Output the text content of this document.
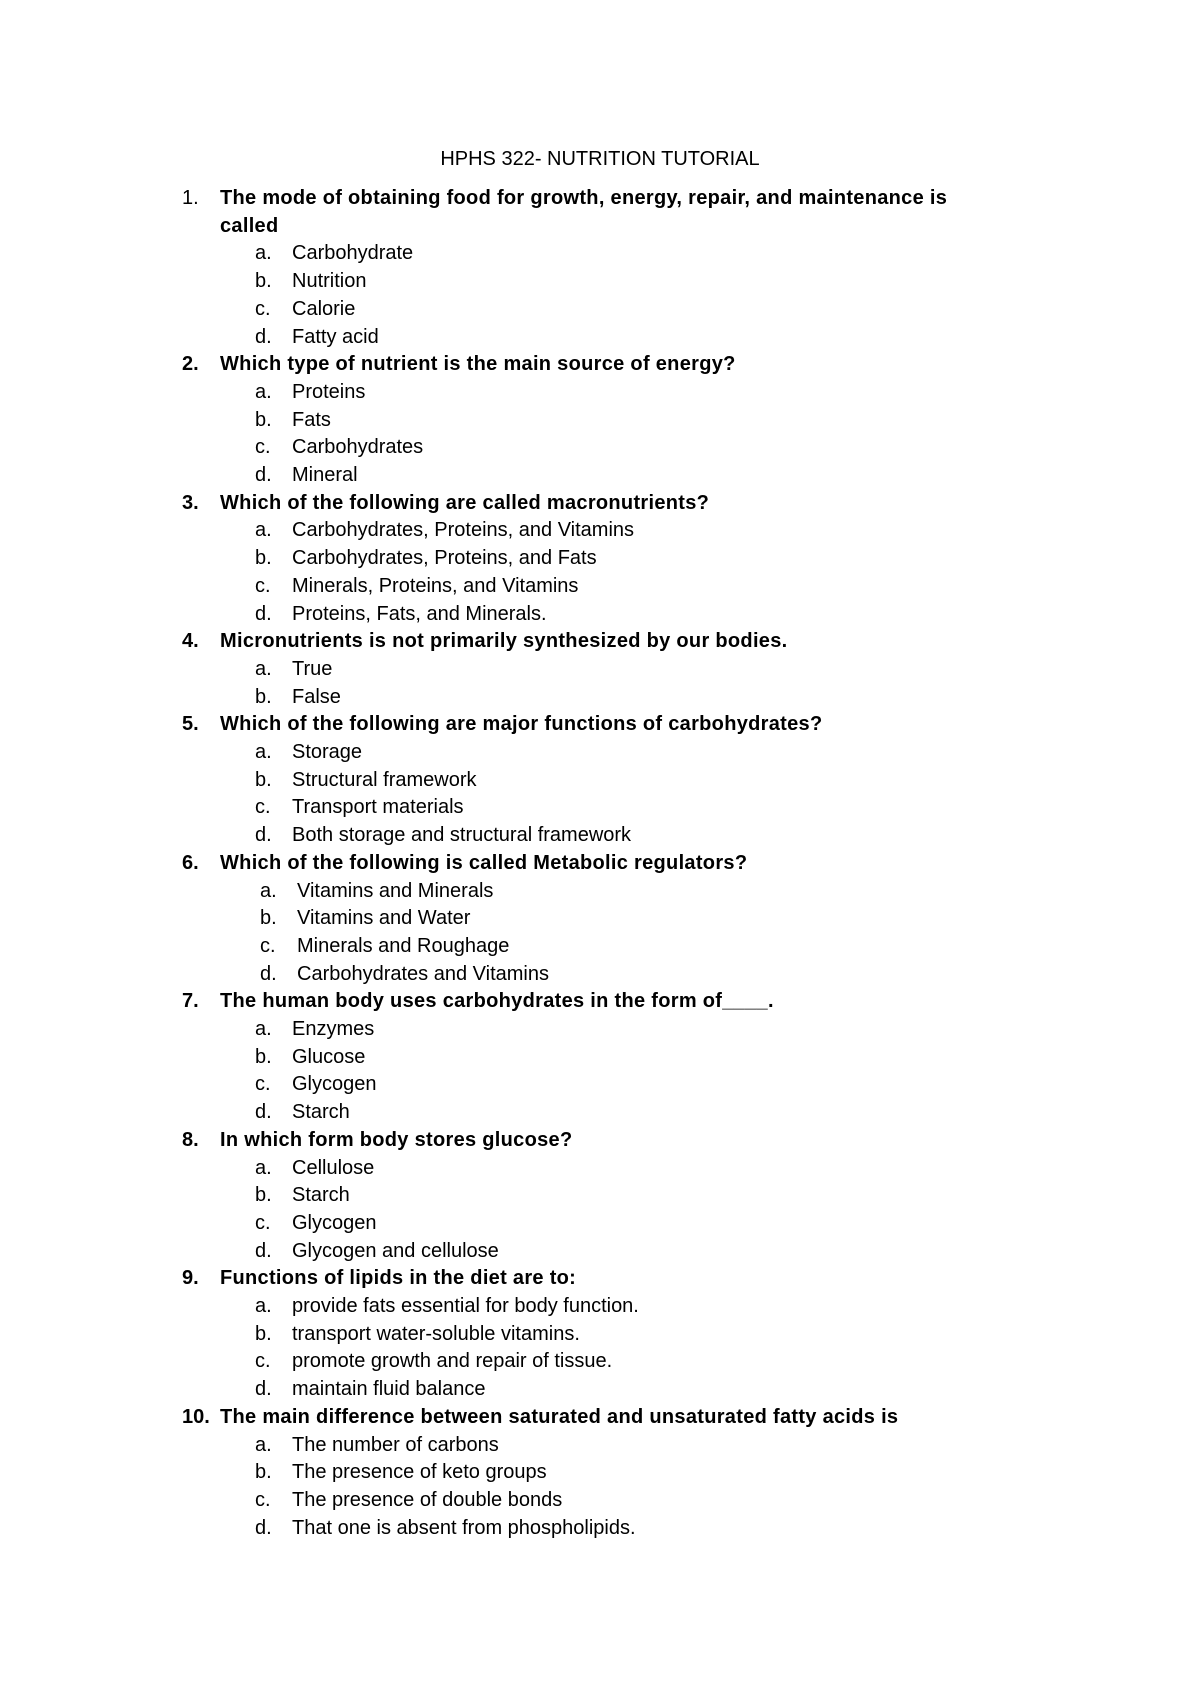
HPHS 322- NUTRITION TUTORIAL
1. The mode of obtaining food for growth, energy, repair, and maintenance is
called
a. Carbohydrate
b. Nutrition
c. Calorie
d. Fatty acid
2. Which type of nutrient is the main source of energy?
a. Proteins
b. Fats
c. Carbohydrates
d. Mineral
3. Which of the following are called macronutrients?
a. Carbohydrates, Proteins, and Vitamins
b. Carbohydrates, Proteins, and Fats
c. Minerals, Proteins, and Vitamins
d. Proteins, Fats, and Minerals.
4. Micronutrients is not primarily synthesized by our bodies.
a. True
b. False
5. Which of the following are major functions of carbohydrates?
a. Storage
b. Structural framework
c. Transport materials
d. Both storage and structural framework
6. Which of the following is called Metabolic regulators?
a. Vitamins and Minerals
b. Vitamins and Water
c. Minerals and Roughage
d. Carbohydrates and Vitamins
7. The human body uses carbohydrates in the form of____.
a. Enzymes
b. Glucose
c. Glycogen
d. Starch
8. In which form body stores glucose?
a. Cellulose
b. Starch
c. Glycogen
d. Glycogen and cellulose
9. Functions of lipids in the diet are to:
a. provide fats essential for body function.
b. transport water-soluble vitamins.
c. promote growth and repair of tissue.
d. maintain fluid balance
10. The main difference between saturated and unsaturated fatty acids is
a. The number of carbons
b. The presence of keto groups
c. The presence of double bonds
d. That one is absent from phospholipids.
